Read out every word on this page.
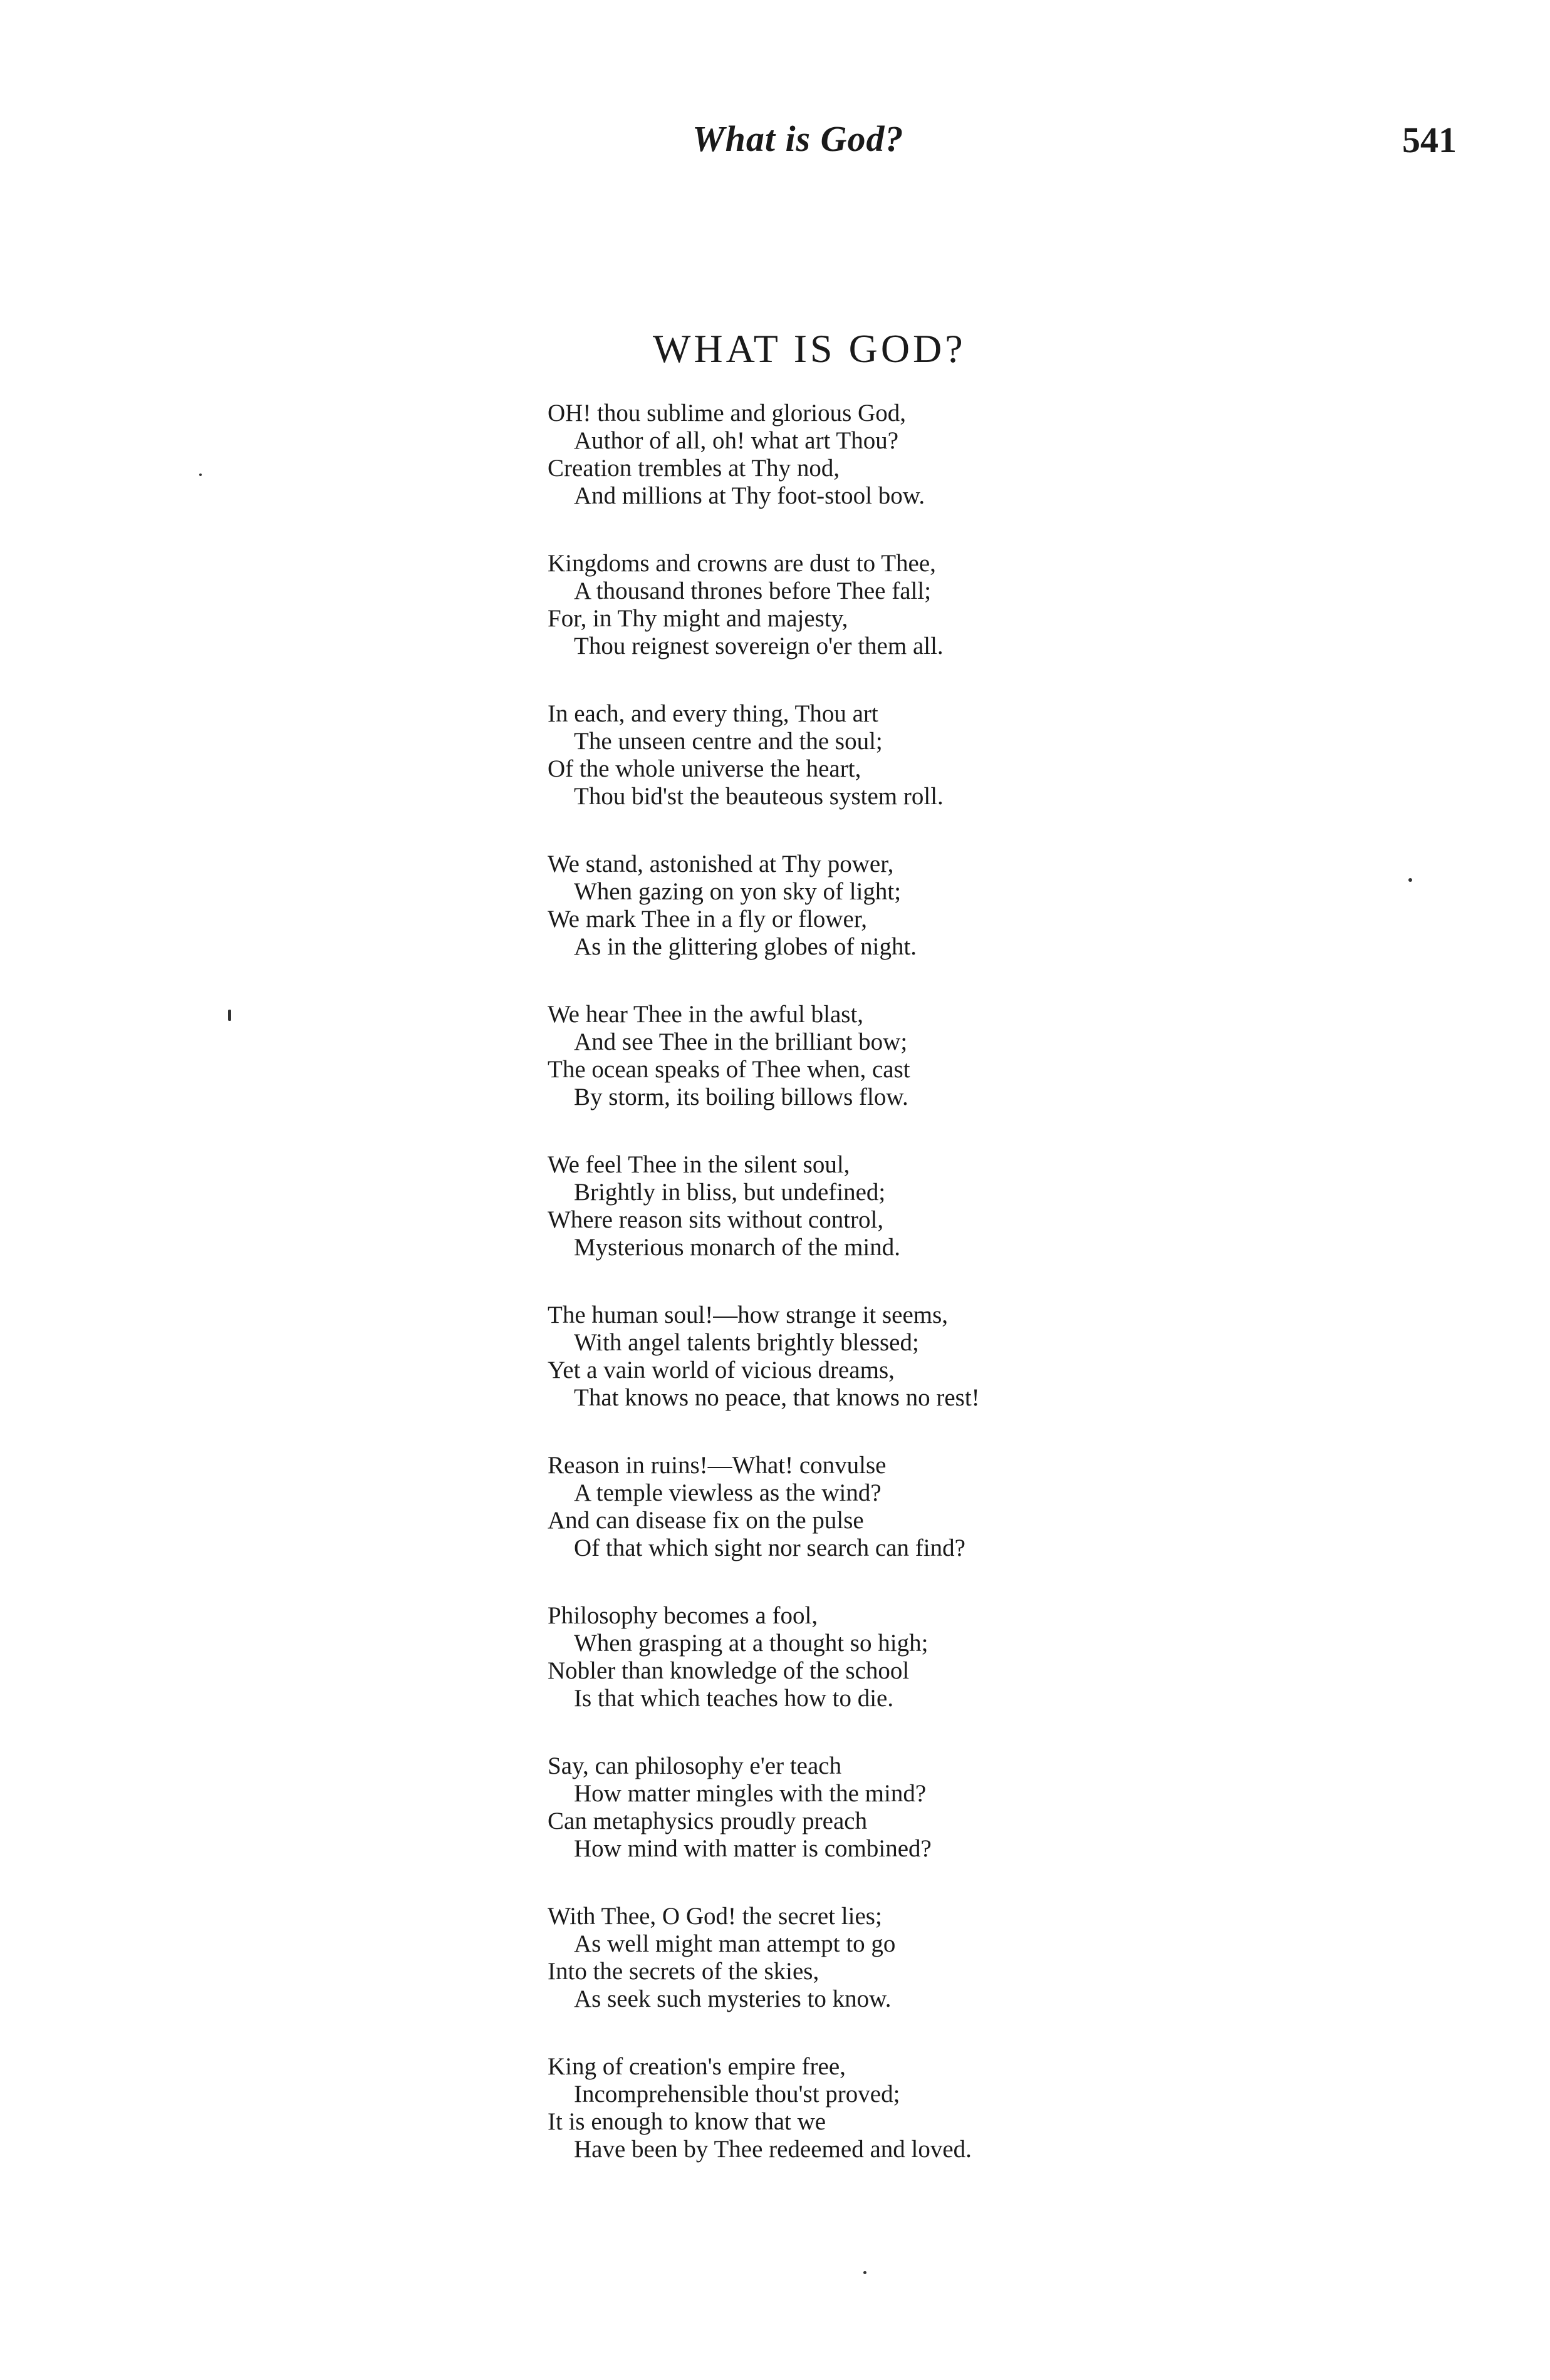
What is God?	541
WHAT IS GOD?
OH! thou sublime and glorious God,
Author of all, oh! what art Thou?
Creation trembles at Thy nod,
And millions at Thy foot-stool bow.
Kingdoms and crowns are dust to Thee,
A thousand thrones before Thee fall;
For, in Thy might and majesty,
Thou reignest sovereign o'er them all.
In each, and every thing, Thou art
The unseen centre and the soul;
Of the whole universe the heart,
Thou bid'st the beauteous system roll.
We stand, astonished at Thy power,
When gazing on yon sky of light;
We mark Thee in a fly or flower,
As in the glittering globes of night.
We hear Thee in the awful blast,
And see Thee in the brilliant bow;
The ocean speaks of Thee when, cast
By storm, its boiling billows flow.
We feel Thee in the silent soul,
Brightly in bliss, but undefined;
Where reason sits without control,
Mysterious monarch of the mind.
The human soul!—how strange it seems,
With angel talents brightly blessed;
Yet a vain world of vicious dreams,
That knows no peace, that knows no rest!
Reason in ruins!—What! convulse
A temple viewless as the wind?
And can disease fix on the pulse
Of that which sight nor search can find?
Philosophy becomes a fool,
When grasping at a thought so high;
Nobler than knowledge of the school
Is that which teaches how to die.
Say, can philosophy e'er teach
How matter mingles with the mind?
Can metaphysics proudly preach
How mind with matter is combined?
With Thee, O God! the secret lies;
As well might man attempt to go
Into the secrets of the skies,
As seek such mysteries to know.
King of creation's empire free,
Incomprehensible thou'st proved;
It is enough to know that we
Have been by Thee redeemed and loved.
